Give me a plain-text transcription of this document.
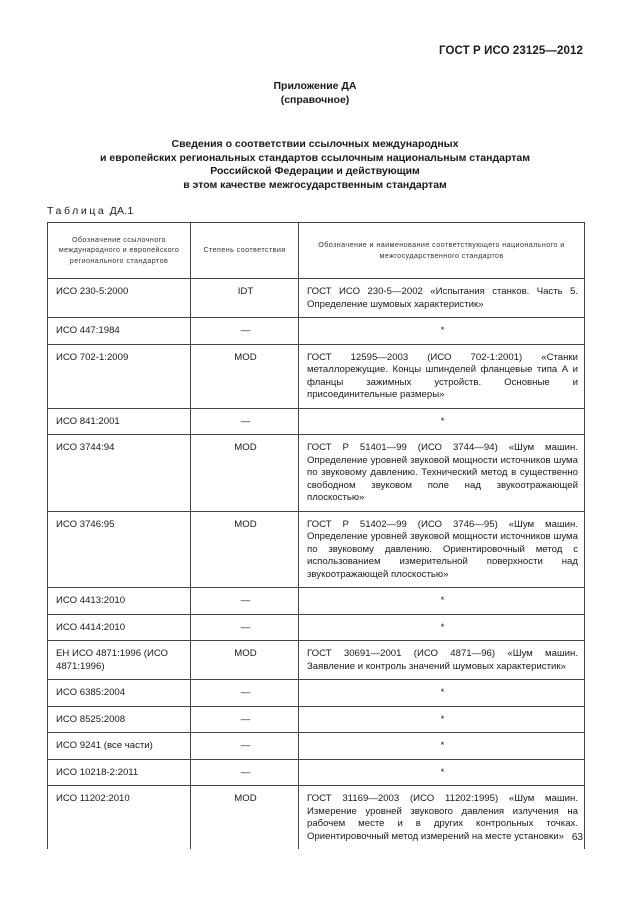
ГОСТ Р ИСО 23125—2012
Приложение ДА
(справочное)
Сведения о соответствии ссылочных международных
и европейских региональных стандартов ссылочным национальным стандартам
Российской Федерации и действующим
в этом качестве межгосударственным стандартам
Таблица ДА.1
Обозначение ссылочного международного и европейского регионального стандартов	Степень соответствия	Обозначение и наименование соответствующего национального и межгосударственного стандартов
ИСО 230-5:2000	IDT	ГОСТ ИСО 230-5—2002 «Испытания станков. Часть 5. Определение шумовых характеристик»
ИСО 447:1984	—	*
ИСО 702-1:2009	MOD	ГОСТ 12595—2003 (ИСО 702-1:2001) «Станки металлорежущие. Концы шпинделей фланцевые типа А и фланцы зажимных устройств. Основные и присоединительные размеры»
ИСО 841:2001	—	*
ИСО 3744:94	MOD	ГОСТ Р 51401—99 (ИСО 3744—94) «Шум машин. Определение уровней звуковой мощности источников шума по звуковому давлению. Технический метод в существенно свободном звуковом поле над звукоотражающей плоскостью»
ИСО 3746:95	MOD	ГОСТ Р 51402—99 (ИСО 3746—95) «Шум машин. Определение уровней звуковой мощности источников шума по звуковому давлению. Ориентировочный метод с использованием измерительной поверхности над звукоотражающей плоскостью»
ИСО 4413:2010	—	*
ИСО 4414:2010	—	*
ЕН ИСО 4871:1996 (ИСО 4871:1996)	MOD	ГОСТ 30691—2001 (ИСО 4871—96) «Шум машин. Заявление и контроль значений шумовых характеристик»
ИСО 6385:2004	—	*
ИСО 8525:2008	—	*
ИСО 9241 (все части)	—	*
ИСО 10218-2:2011	—	*
ИСО 11202:2010	MOD	ГОСТ 31169—2003 (ИСО 11202:1995) «Шум машин. Измерение уровней звукового давления излучения на рабочем месте и в других контрольных точках. Ориентировочный метод измерений на месте установки» 63
